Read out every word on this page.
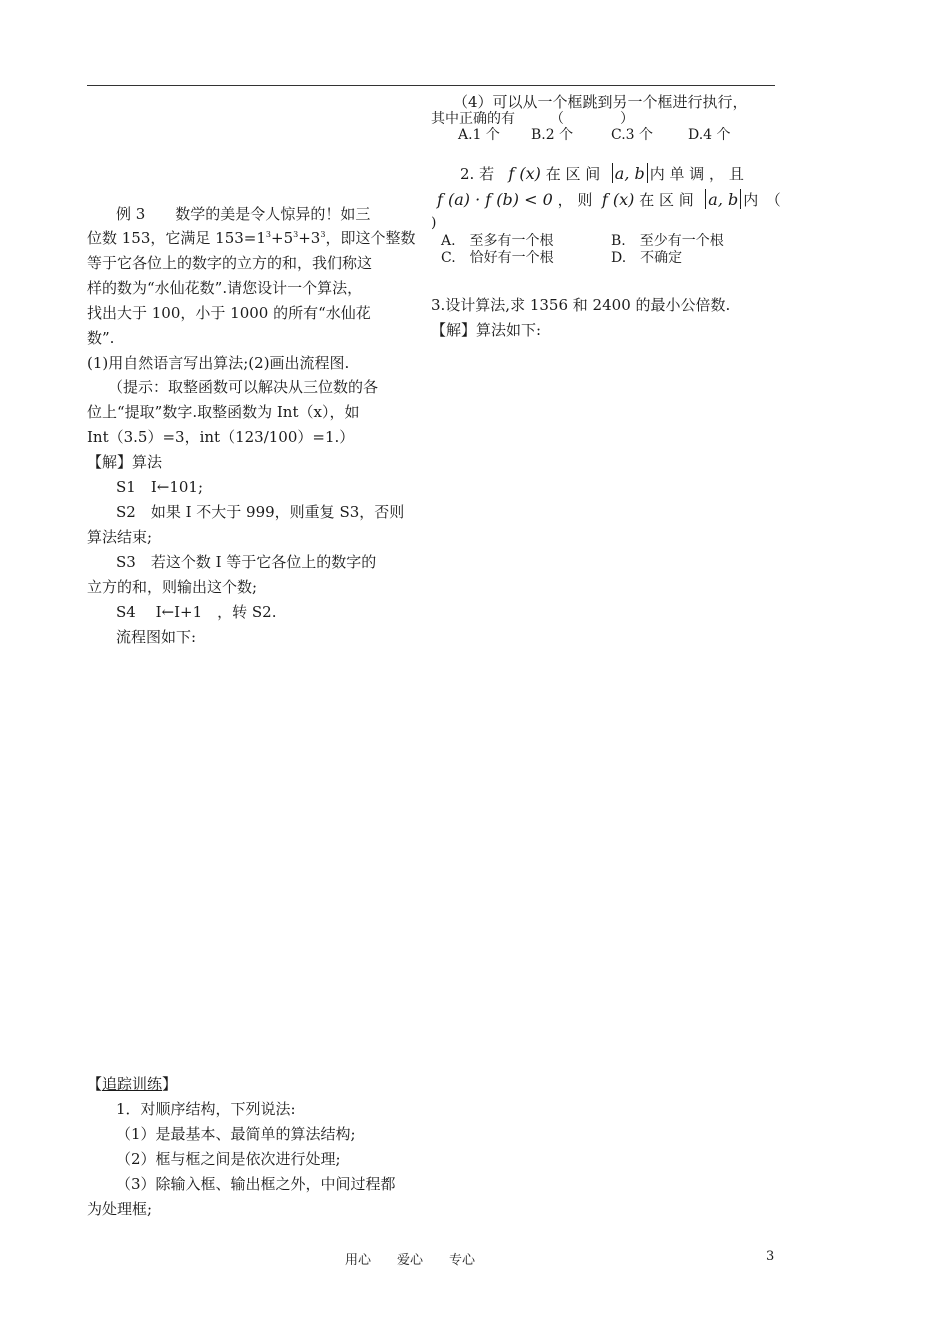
例 3　　数学的美是令人惊异的！如三
位数 153，它满足 $153=1^3+5^3+3^3$，即这个整数
等于它各位上的数字的立方的和，我们称这
样的数为“水仙花数”.请您设计一个算法，
找出大于 100，小于 1000 的所有“水仙花
数”.
(1)用自然语言写出算法;(2)画出流程图.
（提示：取整函数可以解决从三位数的各
位上“提取”数字.取整函数为 Int（x），如
Int（3.5）=3，int（123/100）=1.）
【解】算法
S1　I←101;
S2　如果 I 不大于 999，则重复 S3，否则
算法结束;
S3　若这个数 I 等于它各位上的数字的
立方的和，则输出这个数;
S4　 I←I+1　，转 S2.
流程图如下:
【追踪训练】
1．对顺序结构，下列说法:
（1）是最基本、最简单的算法结构;
（2）框与框之间是依次进行处理;
（3）除输入框、输出框之外，中间过程都
为处理框;
（4）可以从一个框跳到另一个框进行执行，
其中正确的有　　　（　　　　）
A.1 个 B.2 个	C.3 个 D.4 个
2. 若 f (x) 在 区 间 a, b 内 单 调 ， 且
f (a) · f (b) < 0 ， 则 f (x) 在 区 间 a, b 内　（
)
A.　至多有一个根	B.　至少有一个根
C.　恰好有一个根	D.　不确定
3.设计算法,求 1356 和 2400 的最小公倍数.
【解】算法如下:
用心　　爱心　　专心	3
